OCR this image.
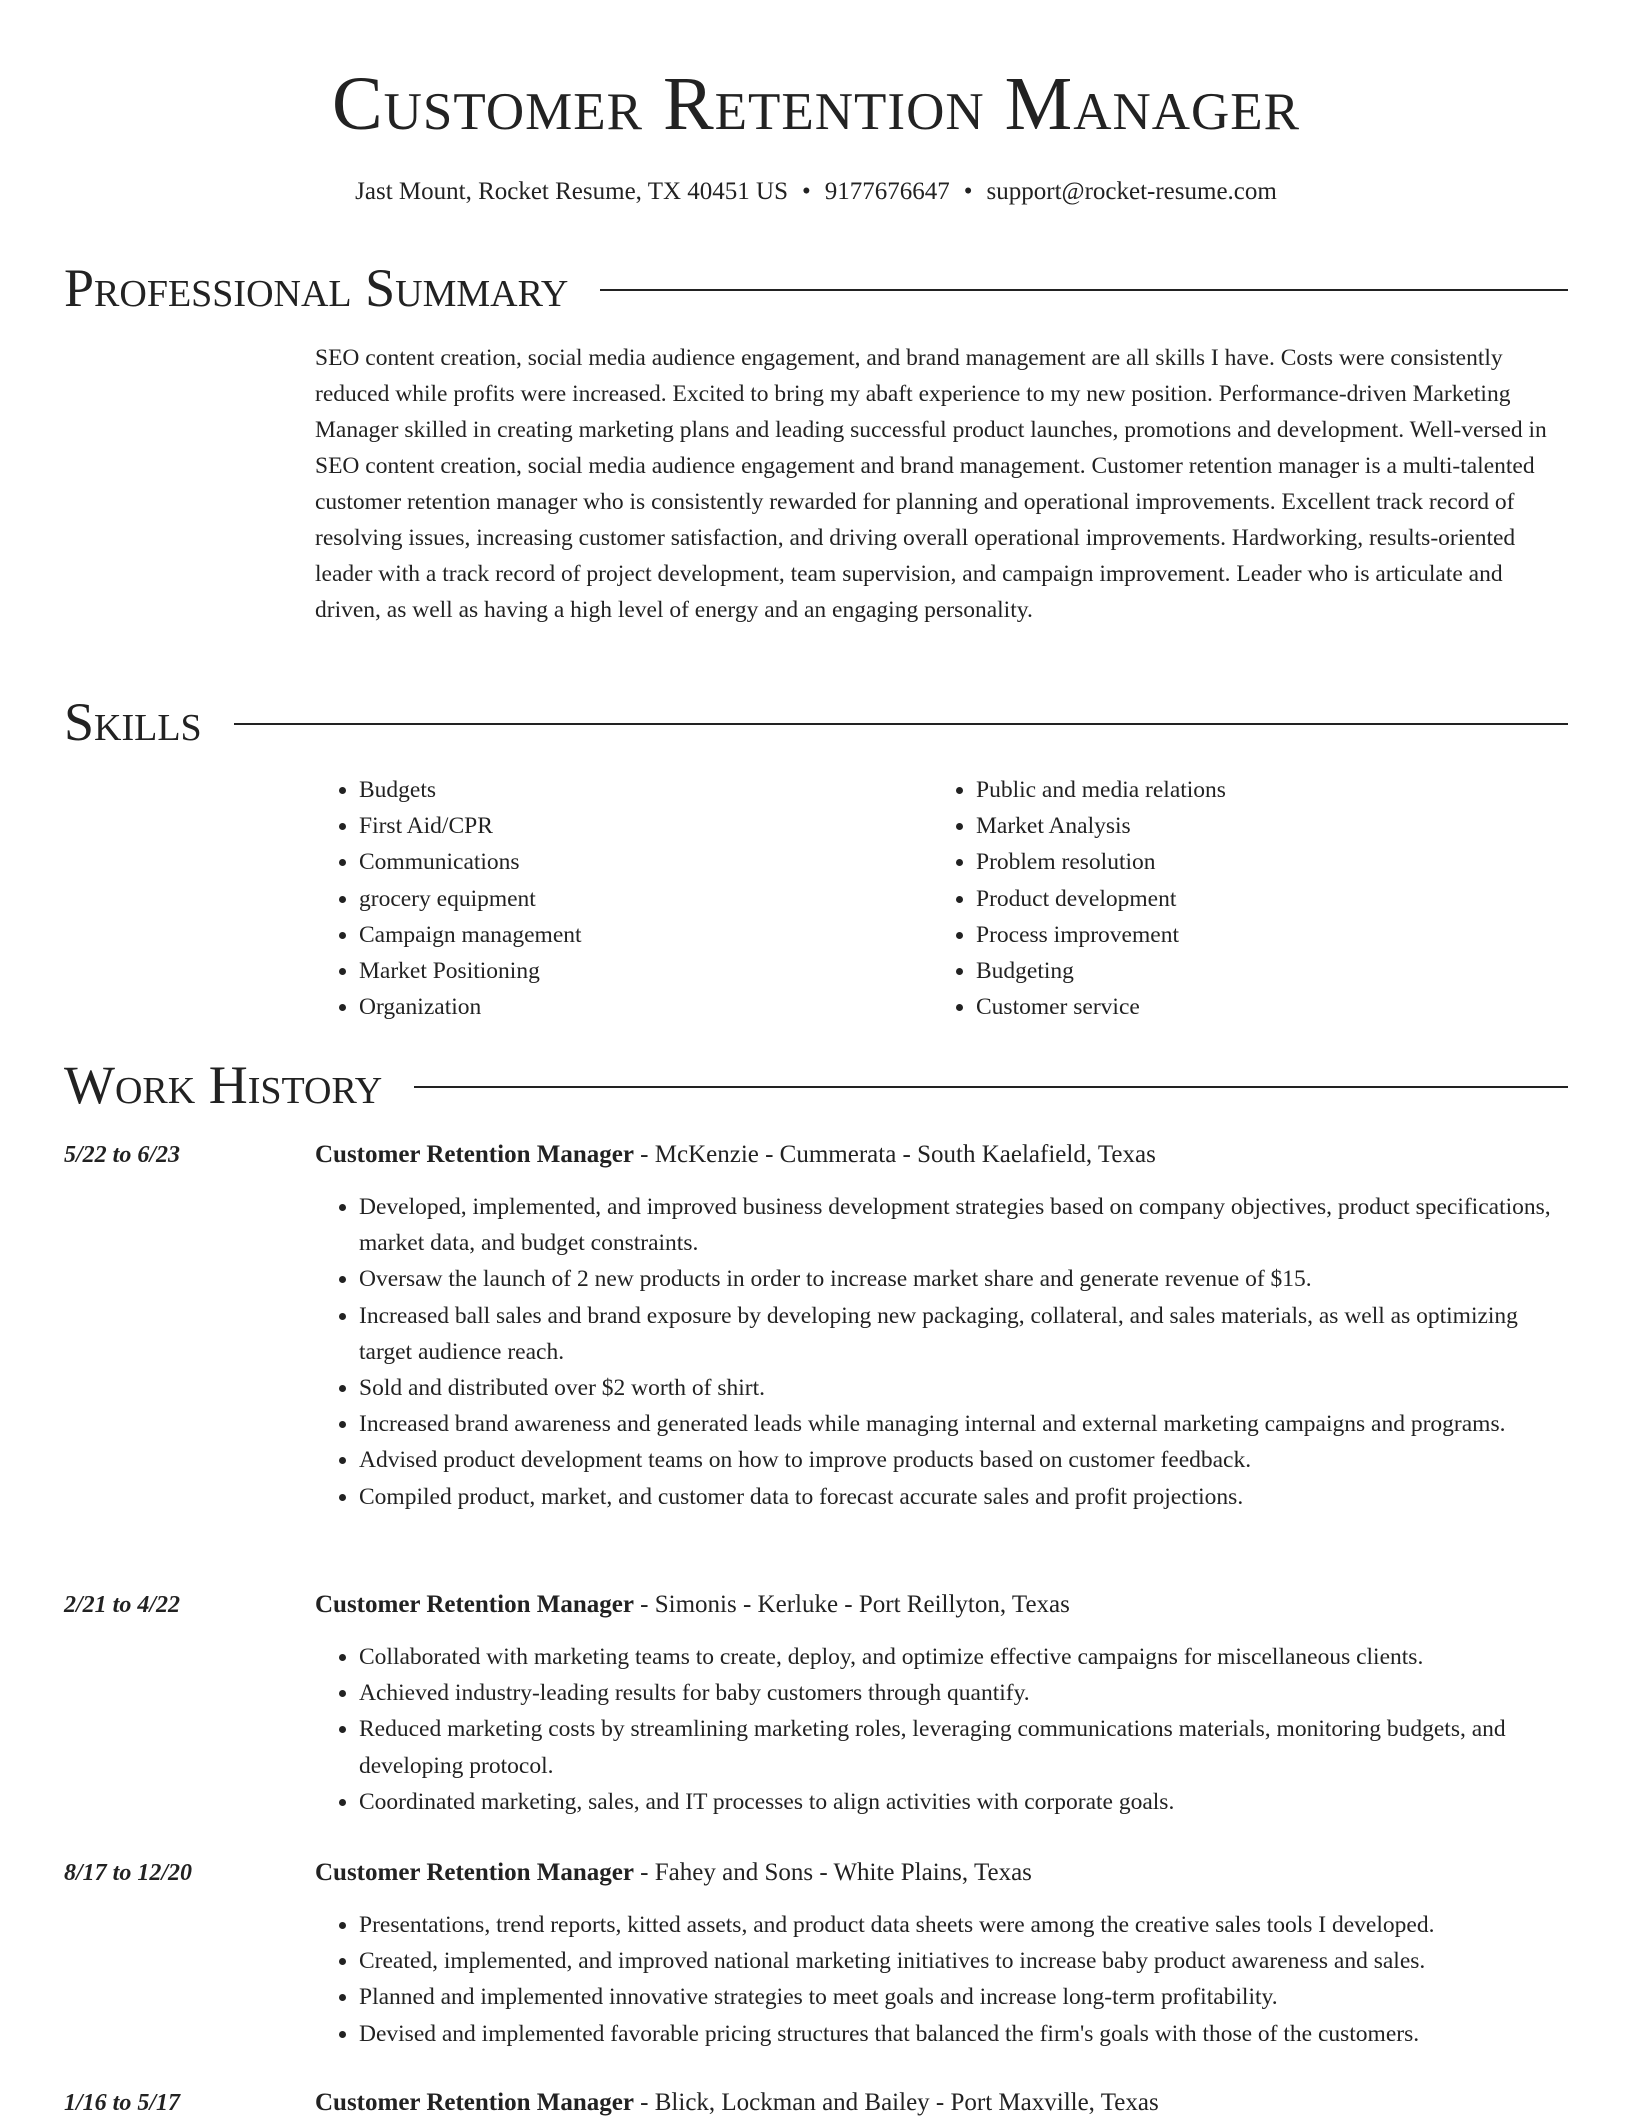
Customer Retention Manager
Jast Mount, Rocket Resume, TX 40451 US • 9177676647 • support@rocket-resume.com
Professional Summary
SEO content creation, social media audience engagement, and brand management are all skills I have. Costs were consistently reduced while profits were increased. Excited to bring my abaft experience to my new position. Performance-driven Marketing Manager skilled in creating marketing plans and leading successful product launches, promotions and development. Well-versed in SEO content creation, social media audience engagement and brand management. Customer retention manager is a multi-talented customer retention manager who is consistently rewarded for planning and operational improvements. Excellent track record of resolving issues, increasing customer satisfaction, and driving overall operational improvements. Hardworking, results-oriented leader with a track record of project development, team supervision, and campaign improvement. Leader who is articulate and driven, as well as having a high level of energy and an engaging personality.
Skills
• Budgets
• First Aid/CPR
• Communications
• grocery equipment
• Campaign management
• Market Positioning
• Organization
• Public and media relations
• Market Analysis
• Problem resolution
• Product development
• Process improvement
• Budgeting
• Customer service
Work History
5/22 to 6/23	Customer Retention Manager - McKenzie - Cummerata - South Kaelafield, Texas
• Developed, implemented, and improved business development strategies based on company objectives, product specifications, market data, and budget constraints.
• Oversaw the launch of 2 new products in order to increase market share and generate revenue of $15.
• Increased ball sales and brand exposure by developing new packaging, collateral, and sales materials, as well as optimizing target audience reach.
• Sold and distributed over $2 worth of shirt.
• Increased brand awareness and generated leads while managing internal and external marketing campaigns and programs.
• Advised product development teams on how to improve products based on customer feedback.
• Compiled product, market, and customer data to forecast accurate sales and profit projections.
2/21 to 4/22	Customer Retention Manager - Simonis - Kerluke - Port Reillyton, Texas
• Collaborated with marketing teams to create, deploy, and optimize effective campaigns for miscellaneous clients.
• Achieved industry-leading results for baby customers through quantify.
• Reduced marketing costs by streamlining marketing roles, leveraging communications materials, monitoring budgets, and developing protocol.
• Coordinated marketing, sales, and IT processes to align activities with corporate goals.
8/17 to 12/20	Customer Retention Manager - Fahey and Sons - White Plains, Texas
• Presentations, trend reports, kitted assets, and product data sheets were among the creative sales tools I developed.
• Created, implemented, and improved national marketing initiatives to increase baby product awareness and sales.
• Planned and implemented innovative strategies to meet goals and increase long-term profitability.
• Devised and implemented favorable pricing structures that balanced the firm's goals with those of the customers.
1/16 to 5/17	Customer Retention Manager - Blick, Lockman and Bailey - Port Maxville, Texas
